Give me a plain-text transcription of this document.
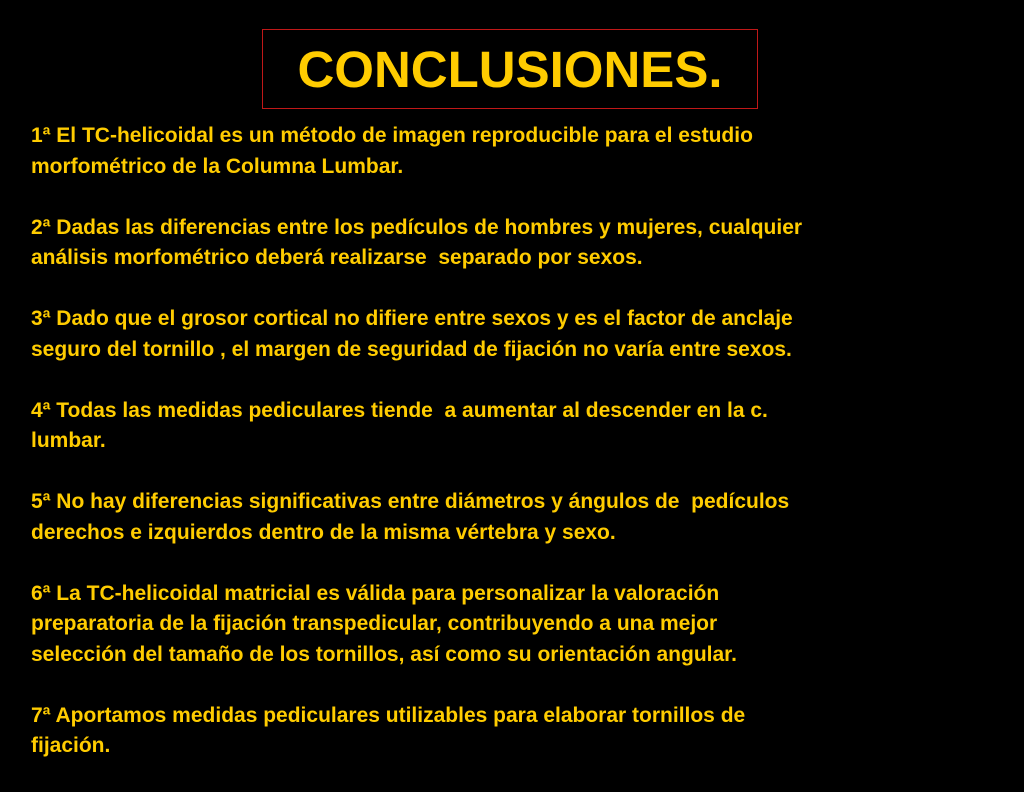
CONCLUSIONES.
1ª El TC-helicoidal es un método de imagen reproducible para el estudio
morfométrico de la Columna Lumbar.
2ª Dadas las diferencias entre los pedículos de hombres y mujeres, cualquier
análisis morfométrico deberá realizarse  separado por sexos.
3ª Dado que el grosor cortical no difiere entre sexos y es el factor de anclaje
seguro del tornillo , el margen de seguridad de fijación no varía entre sexos.
4ª Todas las medidas pediculares tiende  a aumentar al descender en la c.
lumbar.
5ª No hay diferencias significativas entre diámetros y ángulos de  pedículos
derechos e izquierdos dentro de la misma vértebra y sexo.
6ª La TC-helicoidal matricial es válida para personalizar la valoración
preparatoria de la fijación transpedicular, contribuyendo a una mejor
selección del tamaño de los tornillos, así como su orientación angular.
7ª Aportamos medidas pediculares utilizables para elaborar tornillos de
fijación.
